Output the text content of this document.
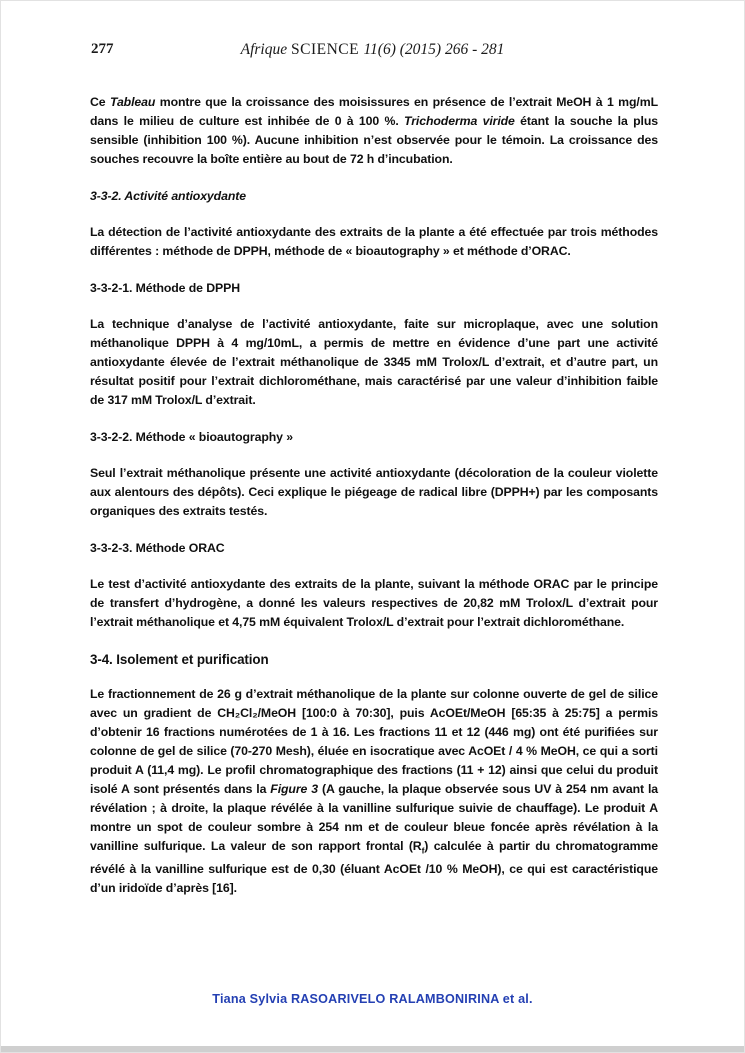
277	Afrique SCIENCE 11(6) (2015) 266 - 281
Ce Tableau montre que la croissance des moisissures en présence de l’extrait MeOH à 1 mg/mL dans le milieu de culture est inhibée de 0 à 100 %. Trichoderma viride étant la souche la plus sensible (inhibition 100 %). Aucune inhibition n’est observée pour le témoin. La croissance des souches recouvre la boîte entière au bout de 72 h d’incubation.
3-3-2. Activité antioxydante
La détection de l’activité antioxydante des extraits de la plante a été effectuée par trois méthodes différentes : méthode de DPPH, méthode de « bioautography » et méthode d’ORAC.
3-3-2-1. Méthode de DPPH
La technique d’analyse de l’activité antioxydante, faite sur microplaque, avec une solution méthanolique DPPH à 4 mg/10mL, a permis de mettre en évidence d’une part une activité antioxydante élevée de l’extrait méthanolique de 3345 mM Trolox/L d’extrait, et d’autre part, un résultat positif pour l’extrait dichlorométhane, mais caractérisé par une valeur d’inhibition faible de 317 mM Trolox/L d’extrait.
3-3-2-2. Méthode « bioautography »
Seul l’extrait méthanolique présente une activité antioxydante (décoloration de la couleur violette aux alentours des dépôts). Ceci explique le piégeage de radical libre (DPPH+) par les composants organiques des extraits testés.
3-3-2-3. Méthode ORAC
Le test d’activité antioxydante des extraits de la plante, suivant la méthode ORAC par le principe de transfert d’hydrogène, a donné les valeurs respectives de 20,82 mM Trolox/L d’extrait pour l’extrait méthanolique et 4,75 mM équivalent Trolox/L d’extrait pour l’extrait dichlorométhane.
3-4. Isolement et purification
Le fractionnement de 26 g d’extrait méthanolique de la plante sur colonne ouverte de gel de silice avec un gradient de CH₂Cl₂/MeOH [100:0 à 70:30], puis AcOEt/MeOH [65:35 à 25:75] a permis d’obtenir 16 fractions numérotées de 1 à 16. Les fractions 11 et 12 (446 mg) ont été purifiées sur colonne de gel de silice (70-270 Mesh), éluée en isocratique avec AcOEt / 4 % MeOH, ce qui a sorti produit A (11,4 mg). Le profil chromatographique des fractions (11 + 12) ainsi que celui du produit isolé A sont présentés dans la Figure 3 (A gauche, la plaque observée sous UV à 254 nm avant la révélation ; à droite, la plaque révélée à la vanilline sulfurique suivie de chauffage). Le produit A montre un spot de couleur sombre à 254 nm et de couleur bleue foncée après révélation à la vanilline sulfurique. La valeur de son rapport frontal $(R_f)$ calculée à partir du chromatogramme révélé à la vanilline sulfurique est de 0,30 (éluant AcOEt /10 % MeOH), ce qui est caractéristique d’un iridoïde d’après [16].
Tiana Sylvia RASOARIVELO RALAMBONIRINA et al.
